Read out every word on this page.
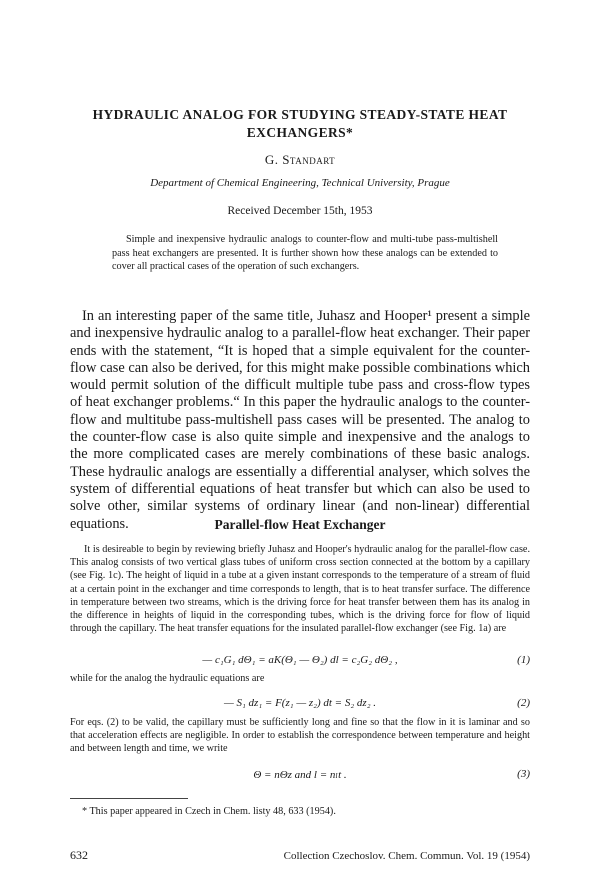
HYDRAULIC ANALOG FOR STUDYING STEADY-STATE HEAT EXCHANGERS*
G. Standart
Department of Chemical Engineering, Technical University, Prague
Received December 15th, 1953

Simple and inexpensive hydraulic analogs to counter-flow and multi-tube pass-multishell pass heat exchangers are presented. It is further shown how these analogs can be extended to cover all practical cases of the operation of such exchangers.

In an interesting paper of the same title, Juhasz and Hooper¹ present a simple and inexpensive hydraulic analog to a parallel-flow heat exchanger. Their paper ends with the statement, “It is hoped that a simple equivalent for the counter-flow case can also be derived, for this might make possible combinations which would permit solution of the difficult multiple tube pass and cross-flow types of heat exchanger problems.“ In this paper the hydraulic analogs to the counter-flow and multitube pass-multishell pass cases will be presented. The analog to the counter-flow case is also quite simple and inexpensive and the analogs to the more complicated cases are merely combinations of these basic analogs. These hydraulic analogs are essentially a differential analyser, which solves the system of differential equations of heat transfer but which can also be used to solve other, similar systems of ordinary linear (and non-linear) differential equations.	Parallel-flow Heat Exchanger

It is desireable to begin by reviewing briefly Juhasz and Hooper's hydraulic analog for the parallel-flow case. This analog consists of two vertical glass tubes of uniform cross section connected at the bottom by a capillary (see Fig. 1c). The height of liquid in a tube at a given instant corresponds to the temperature of a stream of fluid at a certain point in the exchanger and time corresponds to length, that is to heat transfer surface. The difference in temperature between two streams, which is the driving force for heat transfer between them has its analog in the difference in heights of liquid in the corresponding tubes, which is the driving force for flow of liquid through the capillary. The heat transfer equations for the insulated parallel-flow exchanger (see Fig. 1a) are

— c₁G₁ dΘ₁ = aK(Θ₁ — Θ₂) dl = c₂G₂ dΘ₂ ,	(1)

while for the analog the hydraulic equations are

— S₁ dz₁ = F(z₁ — z₂) dt = S₂ dz₂ .	(2)

For eqs. (2) to be valid, the capillary must be sufficiently long and fine so that the flow in it is laminar and so that acceleration effects are negligible. In order to establish the correspondence between temperature and height and between length and time, we write

Θ = nΘz and l = nₗt .	(3)
* This paper appeared in Czech in Chem. listy 48, 633 (1954).
632	Collection Czechoslov. Chem. Commun. Vol. 19 (1954)
